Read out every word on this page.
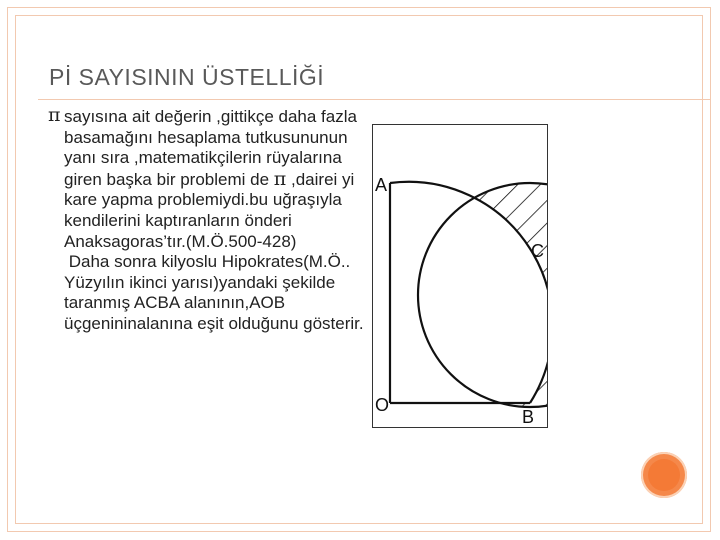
Pİ SAYISININ ÜSTELLİĞİ

π sayısına ait değerin ,gittikçe daha fazla basamağını hesaplama tutkusununun yanı sıra ,matematikçilerin rüyalarına giren başka bir problemi de π ,dairei yi kare yapma problemiydi.bu uğraşıyla kendilerini kaptıranların önderi Anaksagoras’tır.(M.Ö.500-428)

Daha sonra kilyoslu Hipokrates(M.Ö.. Yüzyılın ikinci yarısı)yandaki şekilde taranmış ACBA alanının,AOB üçgenininalanına eşit olduğunu gösterir.

A
C
O
B
